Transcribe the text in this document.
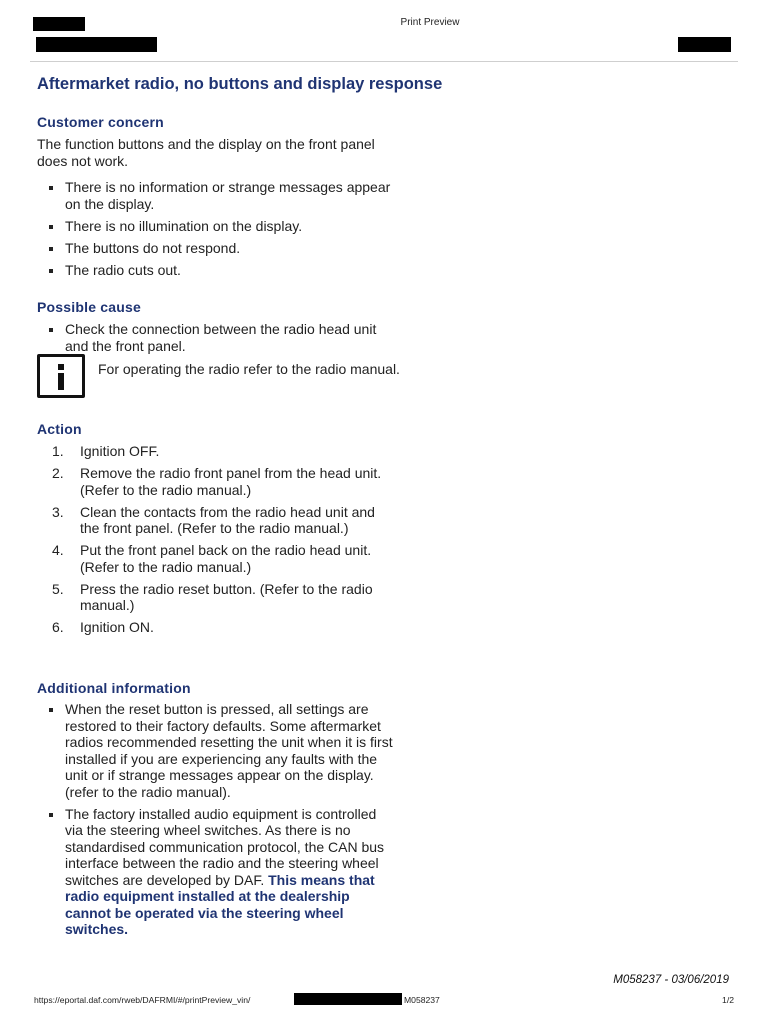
Print Preview
Aftermarket radio, no buttons and display response
Customer concern
The function buttons and the display on the front panel does not work.
There is no information or strange messages appear on the display.
There is no illumination on the display.
The buttons do not respond.
The radio cuts out.
Possible cause
Check the connection between the radio head unit and the front panel.
For operating the radio refer to the radio manual.
Action
1. Ignition OFF.
2. Remove the radio front panel from the head unit. (Refer to the radio manual.)
3. Clean the contacts from the radio head unit and the front panel. (Refer to the radio manual.)
4. Put the front panel back on the radio head unit. (Refer to the radio manual.)
5. Press the radio reset button. (Refer to the radio manual.)
6. Ignition ON.
Additional information
When the reset button is pressed, all settings are restored to their factory defaults. Some aftermarket radios recommended resetting the unit when it is first installed if you are experiencing any faults with the unit or if strange messages appear on the display. (refer to the radio manual).
The factory installed audio equipment is controlled via the steering wheel switches. As there is no standardised communication protocol, the CAN bus interface between the radio and the steering wheel switches are developed by DAF. This means that radio equipment installed at the dealership cannot be operated via the steering wheel switches.
M058237 - 03/06/2019
https://eportal.daf.com/rweb/DAFRMI/#/printPreview_vin/	M058237	1/2
